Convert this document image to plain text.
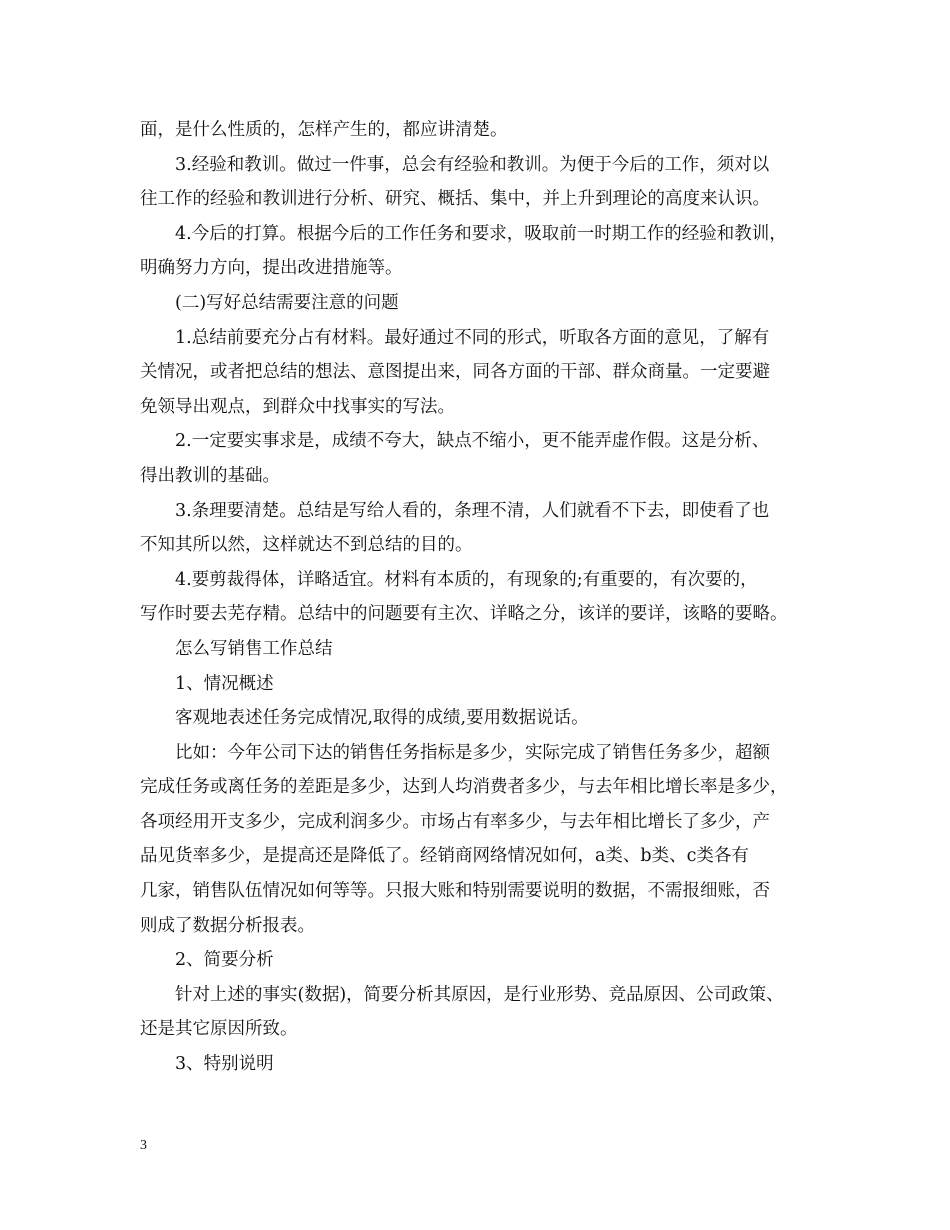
面，是什么性质的，怎样产生的，都应讲清楚。
3.经验和教训。做过一件事，总会有经验和教训。为便于今后的工作，须对以
往工作的经验和教训进行分析、研究、概括、集中，并上升到理论的高度来认识。
4.今后的打算。根据今后的工作任务和要求，吸取前一时期工作的经验和教训，
明确努力方向，提出改进措施等。
(二)写好总结需要注意的问题
1.总结前要充分占有材料。最好通过不同的形式，听取各方面的意见，了解有
关情况，或者把总结的想法、意图提出来，同各方面的干部、群众商量。一定要避
免领导出观点，到群众中找事实的写法。
2.一定要实事求是，成绩不夸大，缺点不缩小，更不能弄虚作假。这是分析、
得出教训的基础。
3.条理要清楚。总结是写给人看的，条理不清，人们就看不下去，即使看了也
不知其所以然，这样就达不到总结的目的。
4.要剪裁得体，详略适宜。材料有本质的，有现象的;有重要的，有次要的，
写作时要去芜存精。总结中的问题要有主次、详略之分，该详的要详，该略的要略。
怎么写销售工作总结
1、情况概述
客观地表述任务完成情况,取得的成绩,要用数据说话。
比如：今年公司下达的销售任务指标是多少，实际完成了销售任务多少，超额
完成任务或离任务的差距是多少，达到人均消费者多少，与去年相比增长率是多少，
各项经用开支多少，完成利润多少。市场占有率多少，与去年相比增长了多少，产
品见货率多少，是提高还是降低了。经销商网络情况如何，a类、b类、c类各有
几家，销售队伍情况如何等等。只报大账和特别需要说明的数据，不需报细账，否
则成了数据分析报表。
2、简要分析
针对上述的事实(数据)，简要分析其原因，是行业形势、竞品原因、公司政策、
还是其它原因所致。
3、特别说明
3
